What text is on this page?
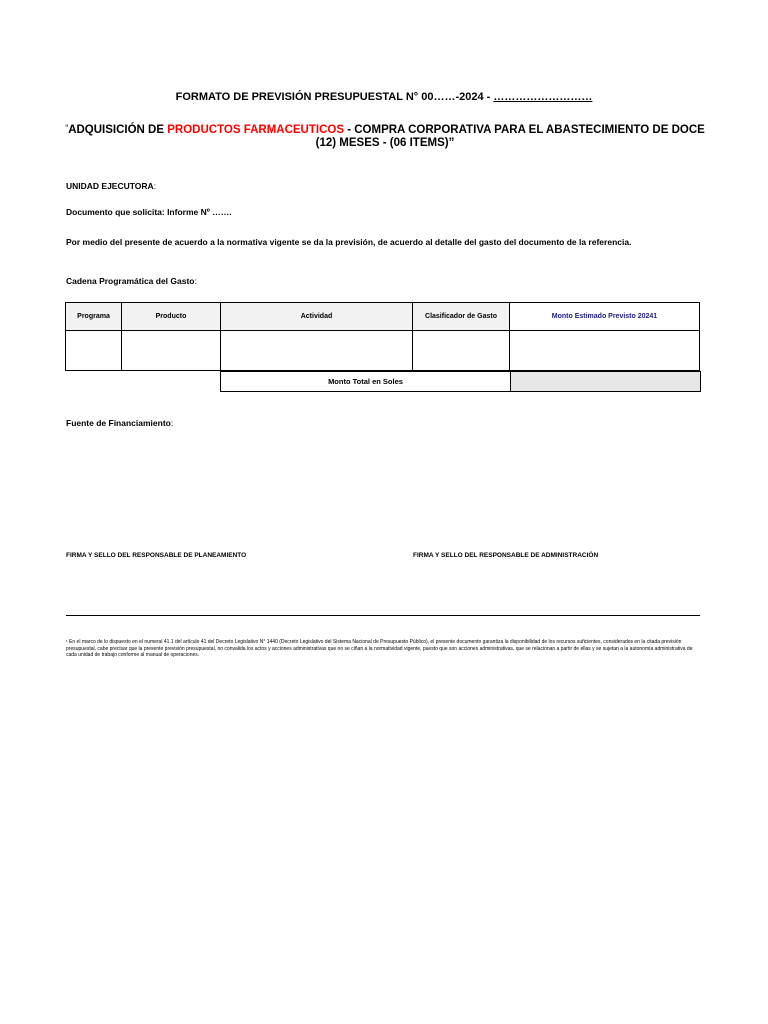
FORMATO DE PREVISIÓN PRESUPUESTAL N° 00……-2024 - ………………………
“ADQUISICIÓN DE PRODUCTOS FARMACEUTICOS - COMPRA CORPORATIVA PARA EL ABASTECIMIENTO DE DOCE (12) MESES - (06 ITEMS)”
UNIDAD EJECUTORA:
Documento que solicita: Informe Nº …….
Por medio del presente de acuerdo a la normativa vigente se da la previsión, de acuerdo al detalle del gasto del documento de la referencia.
Cadena Programática del Gasto:
Programa	Producto	Actividad	Clasificador de Gasto	Monto Estimado Previsto 20241

Monto Total en Soles
Fuente de Financiamiento:
FIRMA Y SELLO DEL RESPONSABLE DE PLANEAMIENTO	FIRMA Y SELLO DEL RESPONSABLE DE ADMINISTRACIÓN
¹ En el marco de lo dispuesto en el numeral 41.1 del artículo 41 del Decreto Legislativo N° 1440 (Decreto Legislativo del Sistema Nacional de Presupuesto Público), el presente documento garantiza la disponibilidad de los recursos suficientes, considerados en la citada previsión presupuestal, cabe precisar que la presente previsión presupuestal, no convalida los actos y acciones administrativas que no se ciñan a la normatividad vigente, puesto que son acciones administrativas, que se relacionan a partir de ellas y se sujetan a la autonomía administrativa de cada unidad de trabajo conforme al manual de operaciones.
